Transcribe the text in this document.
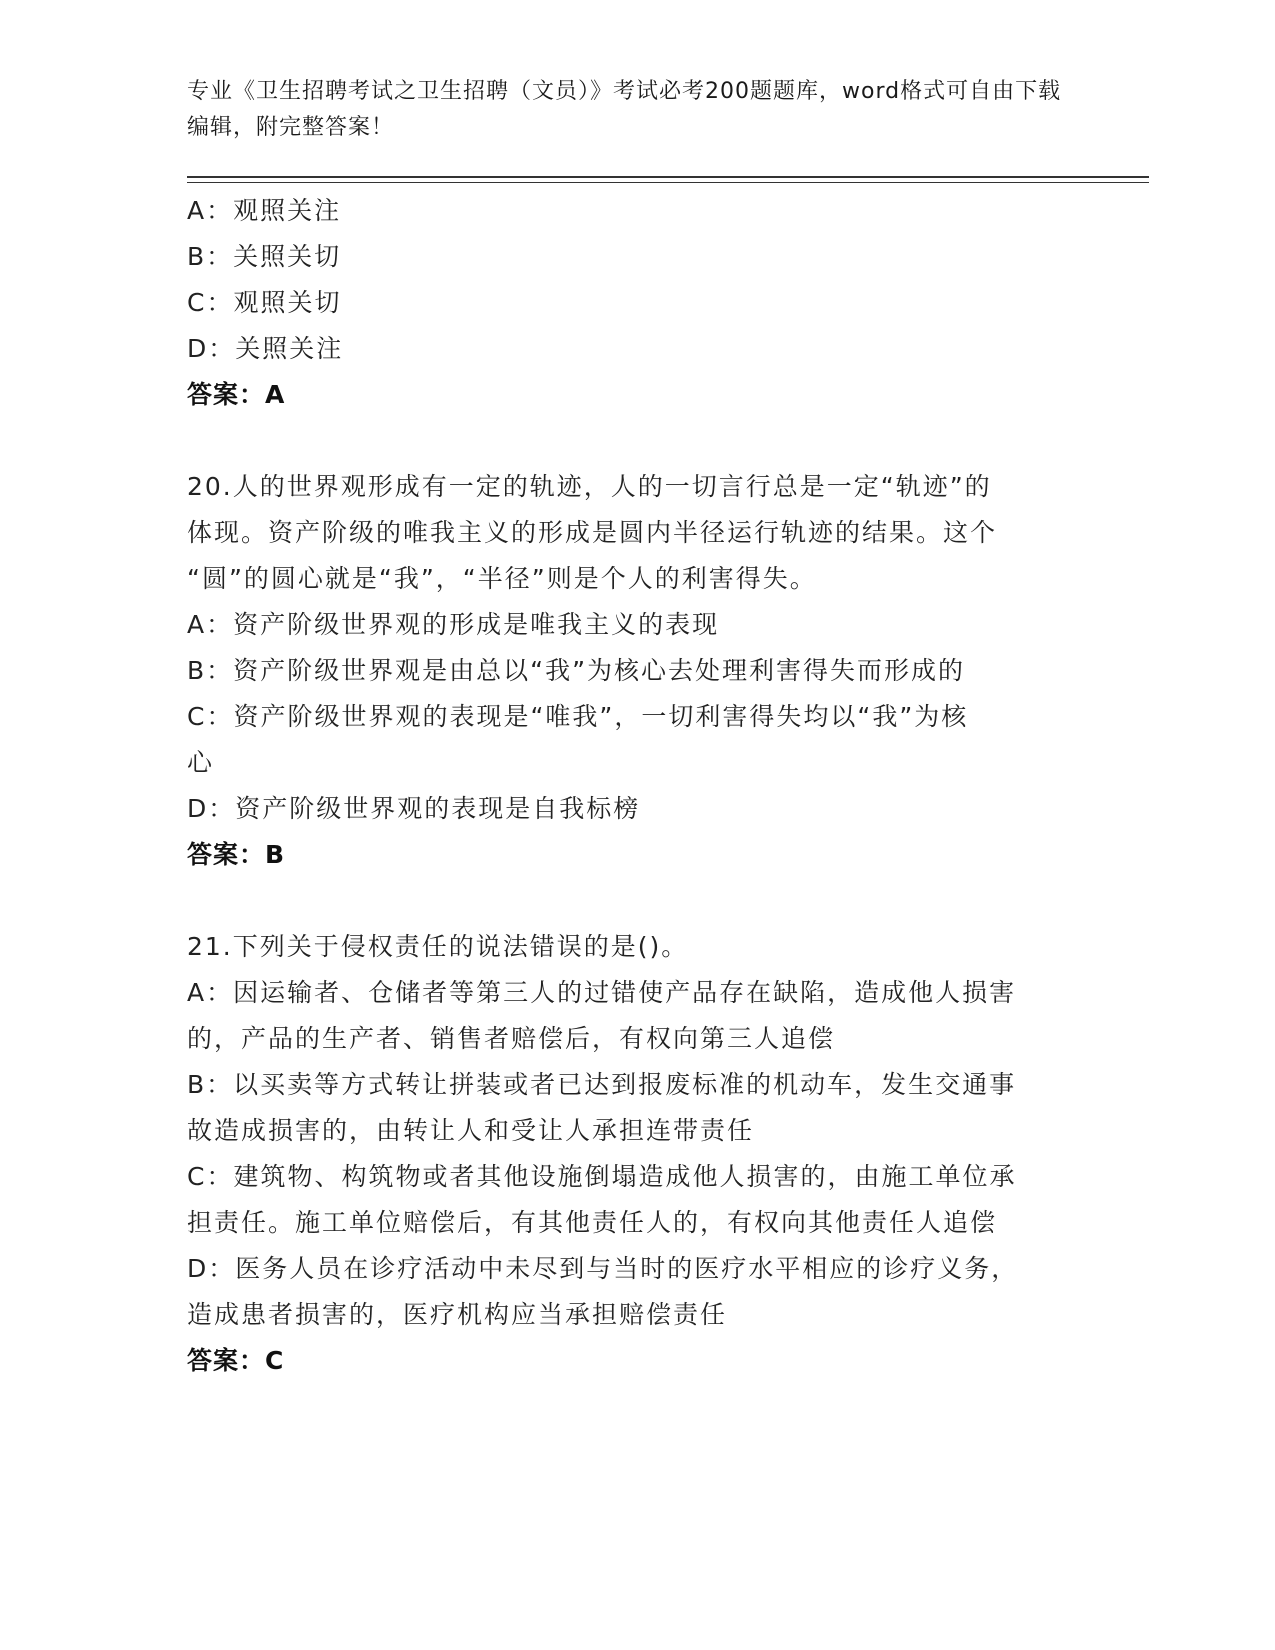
专业《卫生招聘考试之卫生招聘（文员）》考试必考200题题库，word格式可自由下载编辑，附完整答案！
A：观照关注
B：关照关切
C：观照关切
D：关照关注
答案：A
20.人的世界观形成有一定的轨迹，人的一切言行总是一定“轨迹”的
体现。资产阶级的唯我主义的形成是圆内半径运行轨迹的结果。这个
“圆”的圆心就是“我”，“半径”则是个人的利害得失。
A：资产阶级世界观的形成是唯我主义的表现
B：资产阶级世界观是由总以“我”为核心去处理利害得失而形成的
C：资产阶级世界观的表现是“唯我”，一切利害得失均以“我”为核
心
D：资产阶级世界观的表现是自我标榜
答案：B
21.下列关于侵权责任的说法错误的是()。
A：因运输者、仓储者等第三人的过错使产品存在缺陷，造成他人损害
的，产品的生产者、销售者赔偿后，有权向第三人追偿
B：以买卖等方式转让拼装或者已达到报废标准的机动车，发生交通事
故造成损害的，由转让人和受让人承担连带责任
C：建筑物、构筑物或者其他设施倒塌造成他人损害的，由施工单位承
担责任。施工单位赔偿后，有其他责任人的，有权向其他责任人追偿
D：医务人员在诊疗活动中未尽到与当时的医疗水平相应的诊疗义务，
造成患者损害的，医疗机构应当承担赔偿责任
答案：C
